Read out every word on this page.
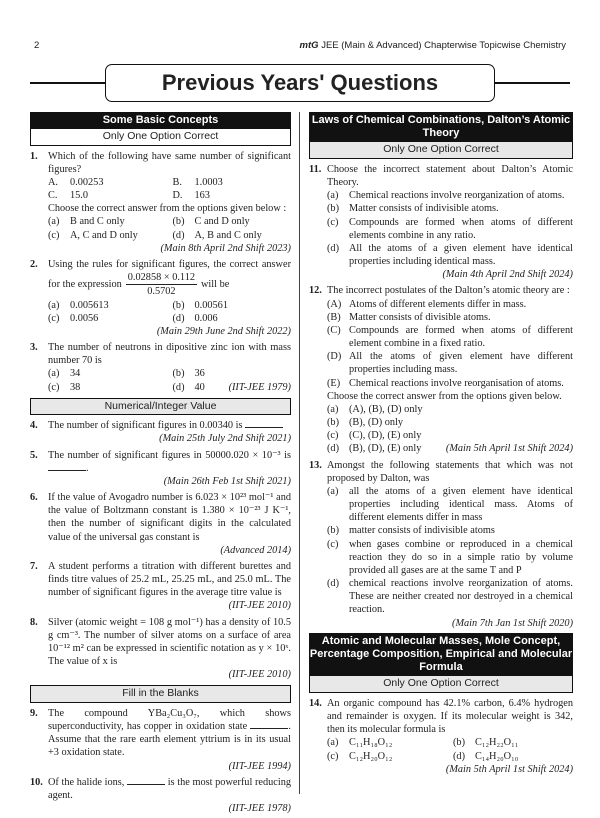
2	mtG JEE (Main & Advanced) Chapterwise Topicwise Chemistry
Previous Years' Questions
Some Basic Concepts
Only One Option Correct
1. Which of the following have same number of significant figures?
A.	0.00253	B.	1.0003
C.	15.0	D.	163
Choose the correct answer from the options given below :
(a)	B and C only	(b) C and D only
(c)	A, C and D only	(d) A, B and C only
(Main 8th April 2nd Shift 2023)
2. Using the rules for significant figures, the correct answer for the expression $\frac{0.02858 \times 0.112}{0.5702}$ will be
(a)	0.005613	(b) 0.00561
(c)	0.0056	(d) 0.006
(Main 29th June 2nd Shift 2022)
3. The number of neutrons in dipositive zinc ion with mass number 70 is
(a)	34	(b) 36
(c)	38	(d) 40 (IIT-JEE 1979)
Numerical/Integer Value
4. The number of significant figures in 0.00340 is
(Main 25th July 2nd Shift 2021)
5. The number of significant figures in 50000.020 × 10⁻³ is .
(Main 26th Feb 1st Shift 2021)
6. If the value of Avogadro number is 6.023 × 10²³ mol⁻¹ and the value of Boltzmann constant is 1.380 × 10⁻²³ J K⁻¹, then the number of significant digits in the calculated value of the universal gas constant is
(Advanced 2014)
7. A student performs a titration with different burettes and finds titre values of 25.2 mL, 25.25 mL, and 25.0 mL. The number of significant figures in the average titre value is
(IIT-JEE 2010)
8. Silver (atomic weight = 108 g mol⁻¹) has a density of 10.5 g cm⁻³. The number of silver atoms on a surface of area 10⁻¹² m² can be expressed in scientific notation as y × 10ˣ. The value of x is
(IIT-JEE 2010)
Fill in the Blanks
9. The compound YBa₂Cu₃O₇, which shows superconductivity, has copper in oxidation state	. Assume that the rare earth element yttrium is in its usual +3 oxidation state.
(IIT-JEE 1994)
10. Of the halide ions,	is the most powerful reducing agent.
(IIT-JEE 1978)
Laws of Chemical Combinations, Dalton’s Atomic Theory
Only One Option Correct
11. Choose the incorrect statement about Dalton’s Atomic Theory.
(a)	Chemical reactions involve reorganization of atoms.
(b) Matter consists of indivisible atoms.
(c)	Compounds are formed when atoms of different elements combine in any ratio.
(d) All the atoms of a given element have identical properties including identical mass.
(Main 4th April 2nd Shift 2024)
12. The incorrect postulates of the Dalton’s atomic theory are :
(A) Atoms of different elements differ in mass.
(B) Matter consists of divisible atoms.
(C) Compounds are formed when atoms of different element combine in a fixed ratio.
(D) All the atoms of given element have different properties including mass.
(E) Chemical reactions involve reorganisation of atoms.
Choose the correct answer from the options given below.
(a)	(A), (B), (D) only
(b) (B), (D) only
(c)	(C), (D), (E) only
(d) (B), (D), (E) only (Main 5th April 1st Shift 2024)
13. Amongst the following statements that which was not proposed by Dalton, was
(a)	all the atoms of a given element have identical properties including identical mass. Atoms of different elements differ in mass
(b) matter consists of indivisible atoms
(c)	when gases combine or reproduced in a chemical reaction they do so in a simple ratio by volume provided all gases are at the same T and P
(d) chemical reactions involve reorganization of atoms. These are neither created nor destroyed in a chemical reaction.
(Main 7th Jan 1st Shift 2020)
Atomic and Molecular Masses, Mole Concept, Percentage Composition, Empirical and Molecular Formula
Only One Option Correct
14. An organic compound has 42.1% carbon, 6.4% hydrogen and remainder is oxygen. If its molecular weight is 342, then its molecular formula is
(a)	C₁₁H₁₈O₁₂	(b) C₁₂H₂₂O₁₁
(c)	C₁₂H₂₀O₁₂	(d) C₁₄H₂₀O₁₀
(Main 5th April 1st Shift 2024)
